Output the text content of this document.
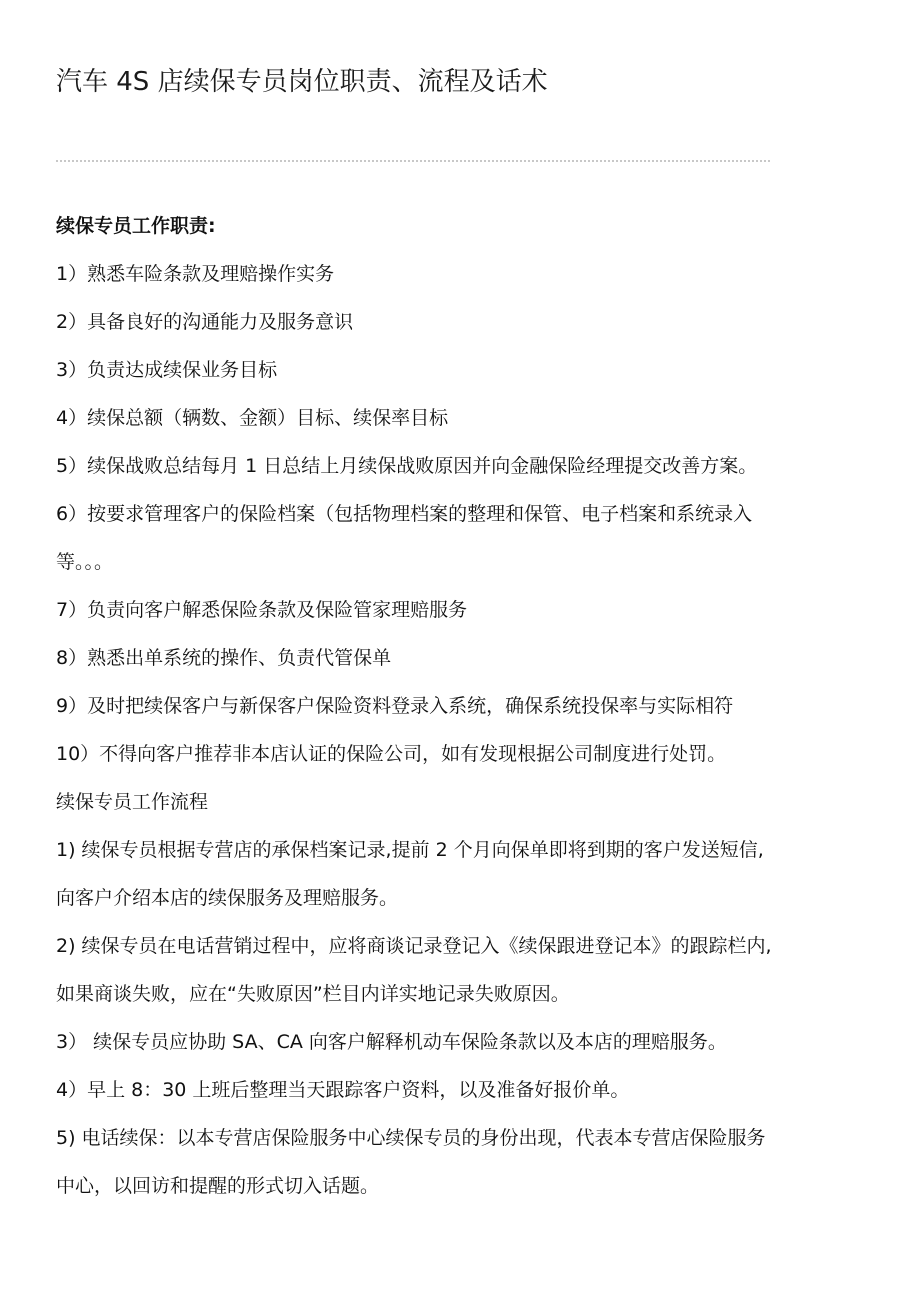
汽车 4S 店续保专员岗位职责、流程及话术

续保专员工作职责:

1）熟悉车险条款及理赔操作实务

2）具备良好的沟通能力及服务意识

3）负责达成续保业务目标

4）续保总额（辆数、金额）目标、续保率目标

5）续保战败总结每月 1 日总结上月续保战败原因并向金融保险经理提交改善方案。

6）按要求管理客户的保险档案（包括物理档案的整理和保管、电子档案和系统录入

等。。。

7）负责向客户解悉保险条款及保险管家理赔服务

8）熟悉出单系统的操作、负责代管保单

9）及时把续保客户与新保客户保险资料登录入系统，确保系统投保率与实际相符

10）不得向客户推荐非本店认证的保险公司，如有发现根据公司制度进行处罚。

续保专员工作流程

1) 续保专员根据专营店的承保档案记录,提前 2 个月向保单即将到期的客户发送短信,

向客户介绍本店的续保服务及理赔服务。

2) 续保专员在电话营销过程中，应将商谈记录登记入《续保跟进登记本》的跟踪栏内,

如果商谈失败，应在“失败原因”栏目内详实地记录失败原因。

3） 续保专员应协助 SA、CA 向客户解释机动车保险条款以及本店的理赔服务。

4）早上 8：30 上班后整理当天跟踪客户资料，以及准备好报价单。

5) 电话续保：以本专营店保险服务中心续保专员的身份出现，代表本专营店保险服务

中心，以回访和提醒的形式切入话题。
